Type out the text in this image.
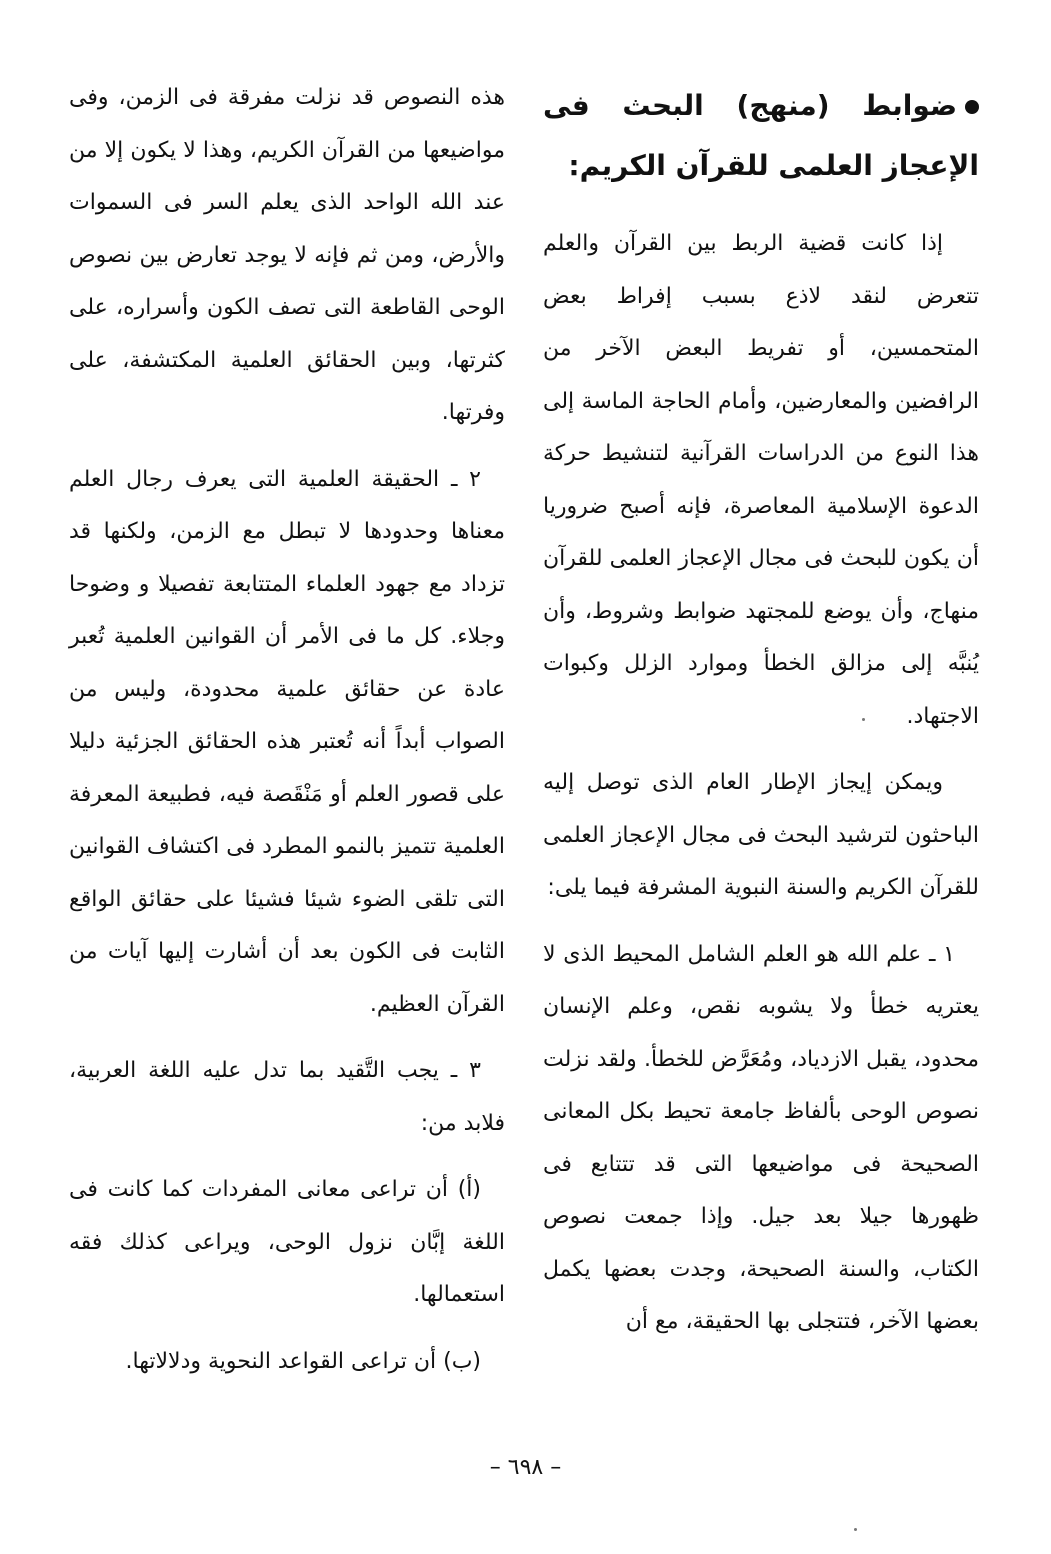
ضوابط (منهج) البحث فى الإعجاز العلمى للقرآن الكريم:

إذا كانت قضية الربط بين القرآن والعلم تتعرض لنقد لاذع بسبب إفراط بعض المتحمسين، أو تفريط البعض الآخر من الرافضين والمعارضين، وأمام الحاجة الماسة إلى هذا النوع من الدراسات القرآنية لتنشيط حركة الدعوة الإسلامية المعاصرة، فإنه أصبح ضروريا أن يكون للبحث فى مجال الإعجاز العلمى للقرآن منهاج، وأن يوضع للمجتهد ضوابط وشروط، وأن يُنبَّه إلى مزالق الخطأ وموارد الزلل وكبوات الاجتهاد.

ويمكن إيجاز الإطار العام الذى توصل إليه الباحثون لترشيد البحث فى مجال الإعجاز العلمى للقرآن الكريم والسنة النبوية المشرفة فيما يلى:

١ ـ علم الله هو العلم الشامل المحيط الذى لا يعتريه خطأ ولا يشوبه نقص، وعلم الإنسان محدود، يقبل الازدياد، ومُعَرَّض للخطأ. ولقد نزلت نصوص الوحى بألفاظ جامعة تحيط بكل المعانى الصحيحة فى مواضيعها التى قد تتتابع فى ظهورها جيلا بعد جيل. وإذا جمعت نصوص الكتاب، والسنة الصحيحة، وجدت بعضها يكمل بعضها الآخر، فتتجلى بها الحقيقة، مع أن

هذه النصوص قد نزلت مفرقة فى الزمن، وفى مواضيعها من القرآن الكريم، وهذا لا يكون إلا من عند الله الواحد الذى يعلم السر فى السموات والأرض، ومن ثم فإنه لا يوجد تعارض بين نصوص الوحى القاطعة التى تصف الكون وأسراره، على كثرتها، وبين الحقائق العلمية المكتشفة، على وفرتها.

٢ ـ الحقيقة العلمية التى يعرف رجال العلم معناها وحدودها لا تبطل مع الزمن، ولكنها قد تزداد مع جهود العلماء المتتابعة تفصيلا و وضوحا وجلاء. كل ما فى الأمر أن القوانين العلمية تُعبر عادة عن حقائق علمية محدودة، وليس من الصواب أبداً أنه تُعتبر هذه الحقائق الجزئية دليلا على قصور العلم أو مَنْقَصة فيه، فطبيعة المعرفة العلمية تتميز بالنمو المطرد فى اكتشاف القوانين التى تلقى الضوء شيئا فشيئا على حقائق الواقع الثابت فى الكون بعد أن أشارت إليها آيات من القرآن العظيم.

٣ ـ يجب التَّقيد بما تدل عليه اللغة العربية، فلابد من:

(أ) أن تراعى معانى المفردات كما كانت فى اللغة إبَّان نزول الوحى، ويراعى كذلك فقه استعمالها.

(ب) أن تراعى القواعد النحوية ودلالاتها.

– ٦٩٨ –
